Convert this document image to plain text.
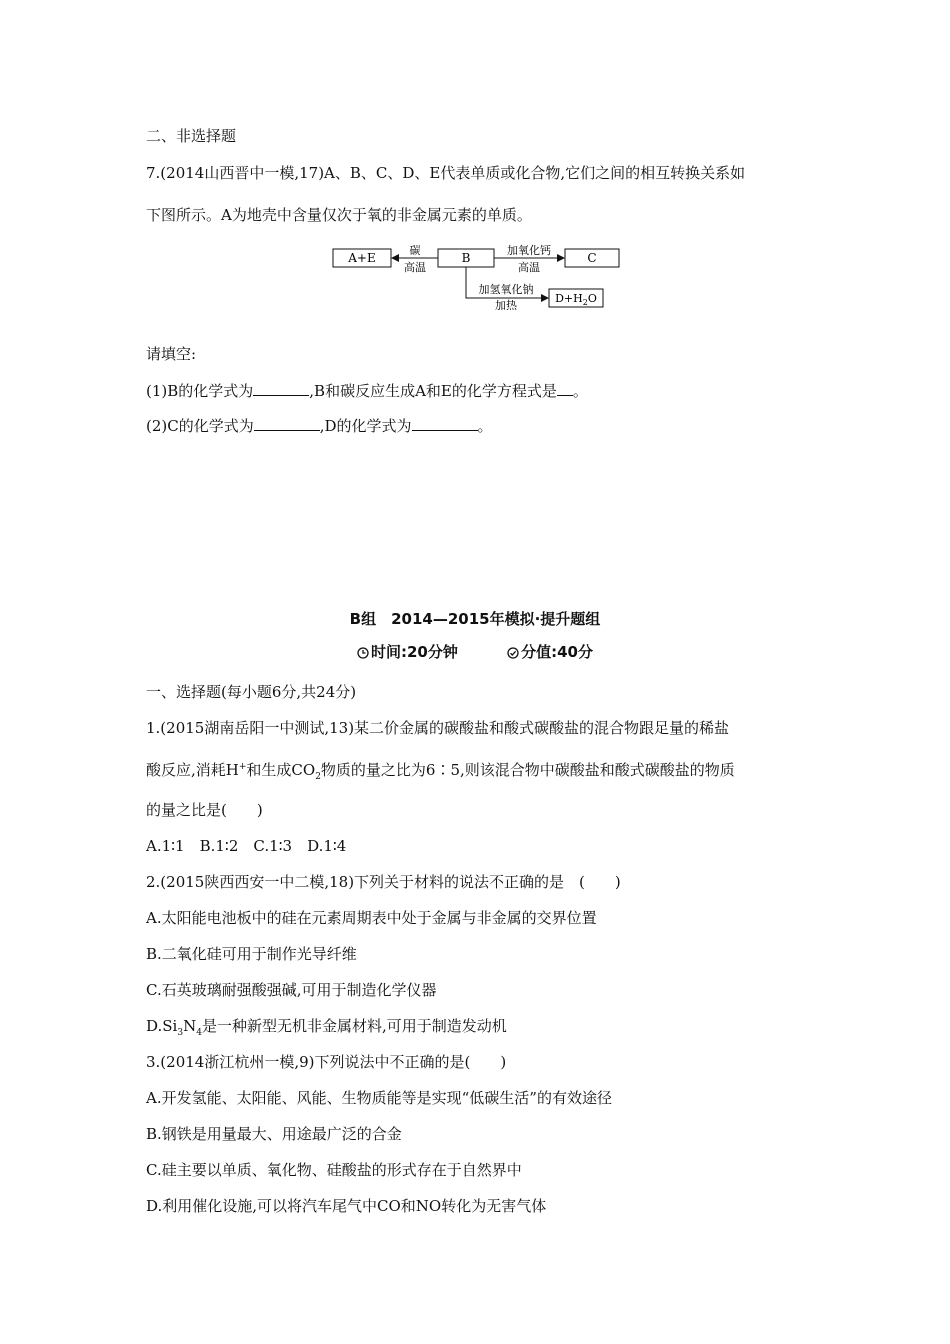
二、非选择题
7.(2014山西晋中一模,17)A、B、C、D、E代表单质或化合物,它们之间的相互转换关系如
下图所示。A为地壳中含量仅次于氧的非金属元素的单质。
A+E	B	C
$D+H_2O$
碳
高温
加氧化钙
高温
加氢氧化钠
加热
请填空:
(1)B的化学式为	,B和碳反应生成A和E的化学方程式是 。
(2)C的化学式为	,D的化学式为	。
B组　2014—2015年模拟·提升题组
时间:20分钟	分值:40分
一、选择题(每小题6分,共24分)
1.(2015湖南岳阳一中测试,13)某二价金属的碳酸盐和酸式碳酸盐的混合物跟足量的稀盐
酸反应,消耗H+和生成$CO_2$物质的量之比为6∶5,则该混合物中碳酸盐和酸式碳酸盐的物质
的量之比是(　　)
A.1∶1　B.1∶2　C.1∶3　D.1∶4
2.(2015陕西西安一中二模,18)下列关于材料的说法不正确的是　(　　)
A.太阳能电池板中的硅在元素周期表中处于金属与非金属的交界位置
B.二氧化硅可用于制作光导纤维
C.石英玻璃耐强酸强碱,可用于制造化学仪器
$D.Si_3N_4$是一种新型无机非金属材料,可用于制造发动机
3.(2014浙江杭州一模,9)下列说法中不正确的是(　　)
A.开发氢能、太阳能、风能、生物质能等是实现“低碳生活”的有效途径
B.钢铁是用量最大、用途最广泛的合金
C.硅主要以单质、氧化物、硅酸盐的形式存在于自然界中
D.利用催化设施,可以将汽车尾气中CO和NO转化为无害气体
